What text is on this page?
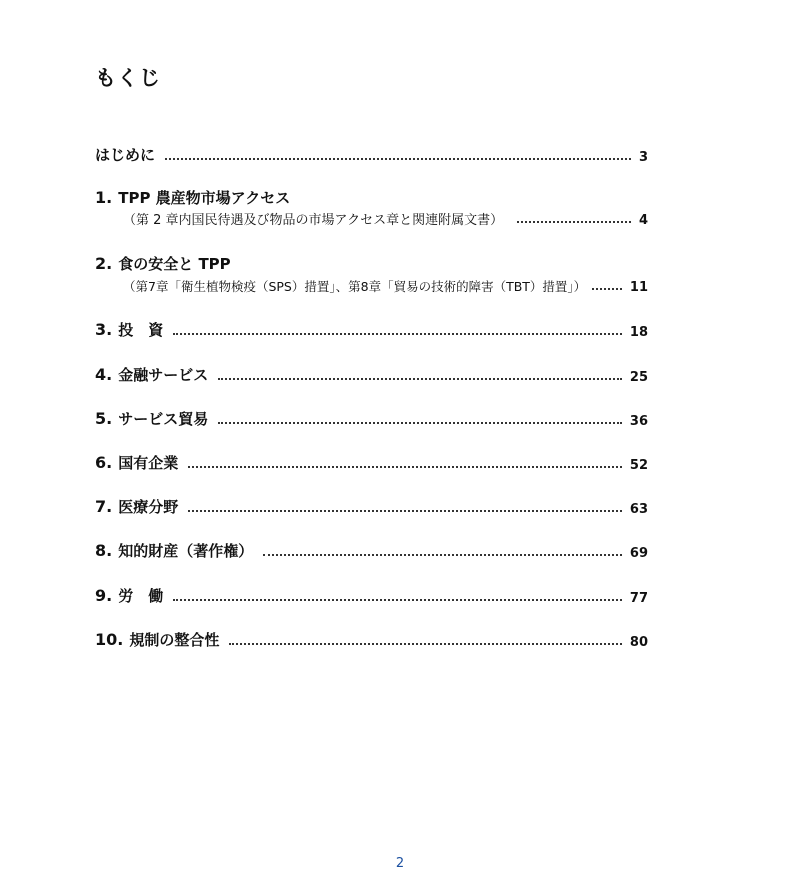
もくじ
はじめに	3
1. TPP 農産物市場アクセス
（第 2 章内国民待遇及び物品の市場アクセス章と関連附属文書）	4
2. 食の安全と TPP
（第7章「衛生植物検疫（SPS）措置」、第8章「貿易の技術的障害（TBT）措置」）	11
3. 投　資	18
4. 金融サービス	25
5. サービス貿易	36
6. 国有企業	52
7. 医療分野	63
8. 知的財産（著作権）	69
9. 労　働	77
10. 規制の整合性	80
2
